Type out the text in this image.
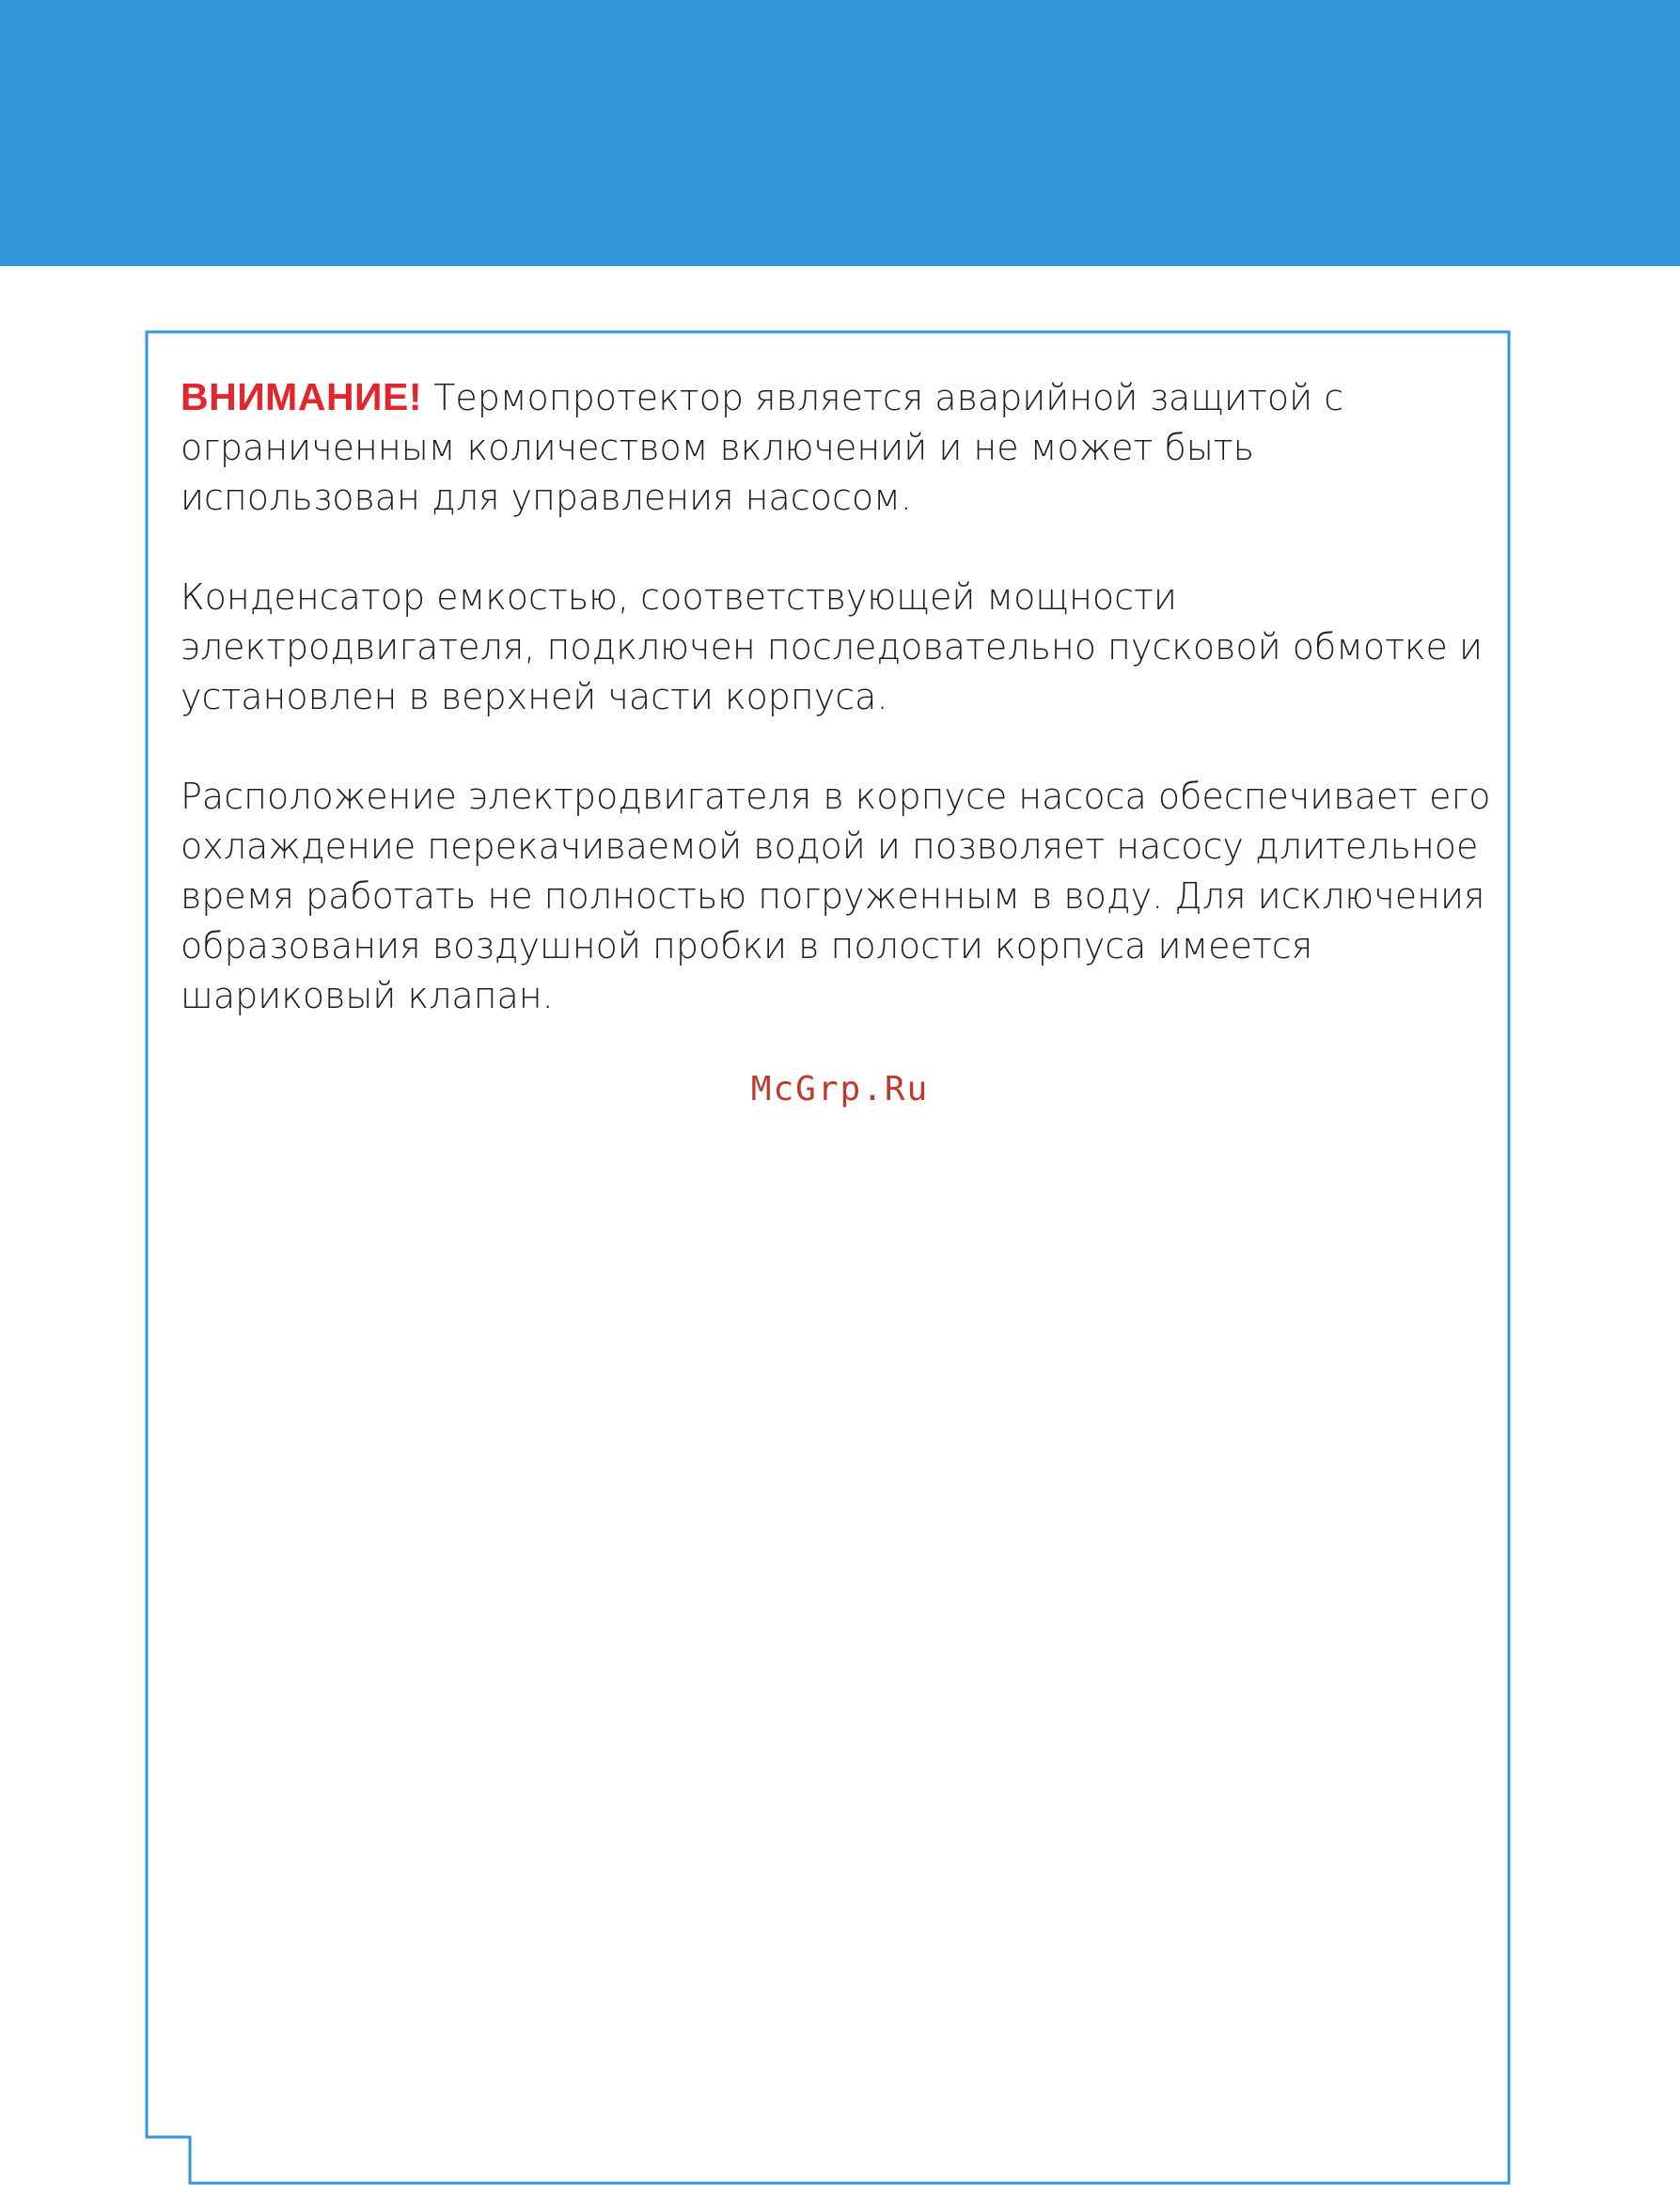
ВНИМАНИЕ! Термопротектор является аварийной защитой с ограниченным количеством включений и не может быть использован для управления насосом.

Конденсатор емкостью, соответствующей мощности электродвигателя, подключен последовательно пусковой обмотке и установлен в верхней части корпуса.

Расположение электродвигателя в корпусе насоса обеспечивает его охлаждение перекачиваемой водой и позволяет насосу длительное время работать не полностью погруженным в воду. Для исключения образования воздушной пробки в полости корпуса имеется шариковый клапан.

McGrp.Ru
